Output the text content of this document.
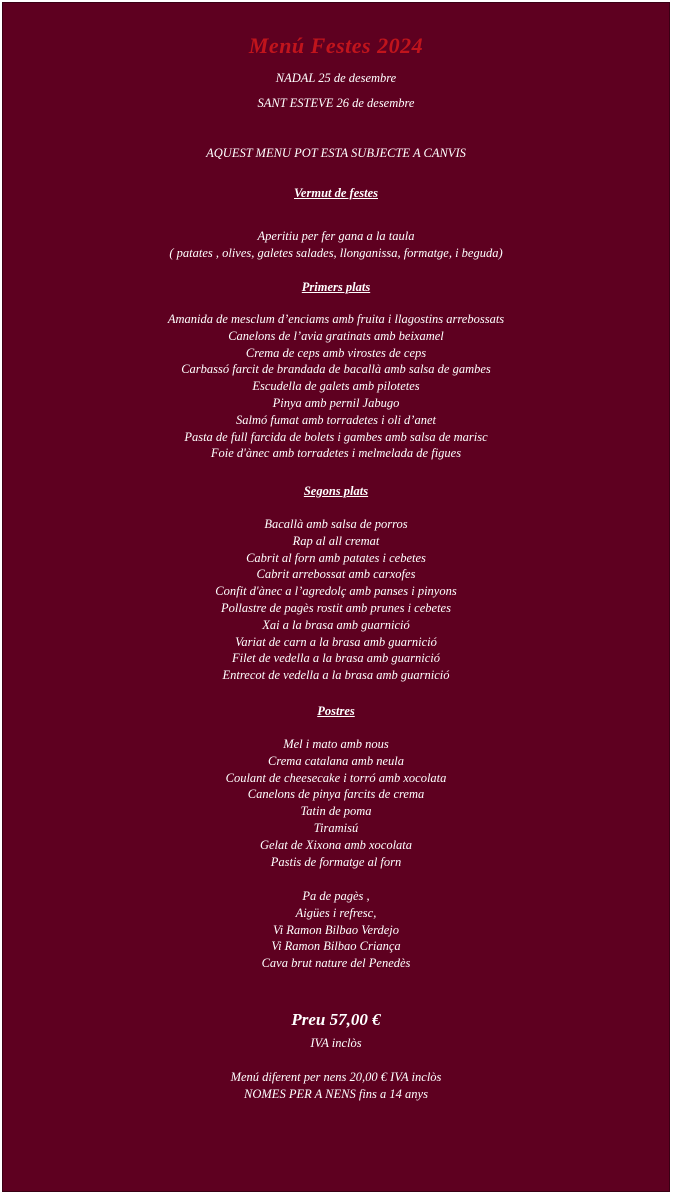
Menú Festes 2024
NADAL 25 de desembre
SANT ESTEVE 26 de desembre
AQUEST MENU POT ESTA SUBJECTE A CANVIS
Vermut de festes
Aperitiu per fer gana a la taula
( patates , olives, galetes salades, llonganissa, formatge, i beguda)
Primers plats
Amanida de mesclum d’enciams amb fruita i llagostins arrebossats
Canelons de l’avia gratinats amb beixamel
Crema de ceps amb virostes de ceps
Carbassó farcit de brandada de bacallà amb salsa de gambes
Escudella de galets amb pilotetes
Pinya amb pernil Jabugo
Salmó fumat amb torradetes i oli d’anet
Pasta de full farcida de bolets i gambes amb salsa de marisc
Foie d'ànec amb torradetes i melmelada de figues
Segons plats
Bacallà amb salsa de porros
Rap al all cremat
Cabrit al forn amb patates i cebetes
Cabrit arrebossat amb carxofes
Confit d'ànec a l’agredolç amb panses i pinyons
Pollastre de pagès rostit amb prunes i cebetes
Xai a la brasa amb guarnició
Variat de carn a la brasa amb guarnició
Filet de vedella a la brasa amb guarnició
Entrecot de vedella a la brasa amb guarnició
Postres
Mel i mato amb nous
Crema catalana amb neula
Coulant de cheesecake i torró amb xocolata
Canelons de pinya farcits de crema
Tatin de poma
Tiramisú
Gelat de Xixona amb xocolata
Pastis de formatge al forn
Pa de pagès ,
Aigües i refresc,
Vi Ramon Bilbao Verdejo
Vi Ramon Bilbao Criança
Cava brut nature del Penedès
Preu 57,00 €
IVA inclòs
Menú diferent per nens 20,00 € IVA inclòs
NOMES PER A NENS fins a 14 anys
